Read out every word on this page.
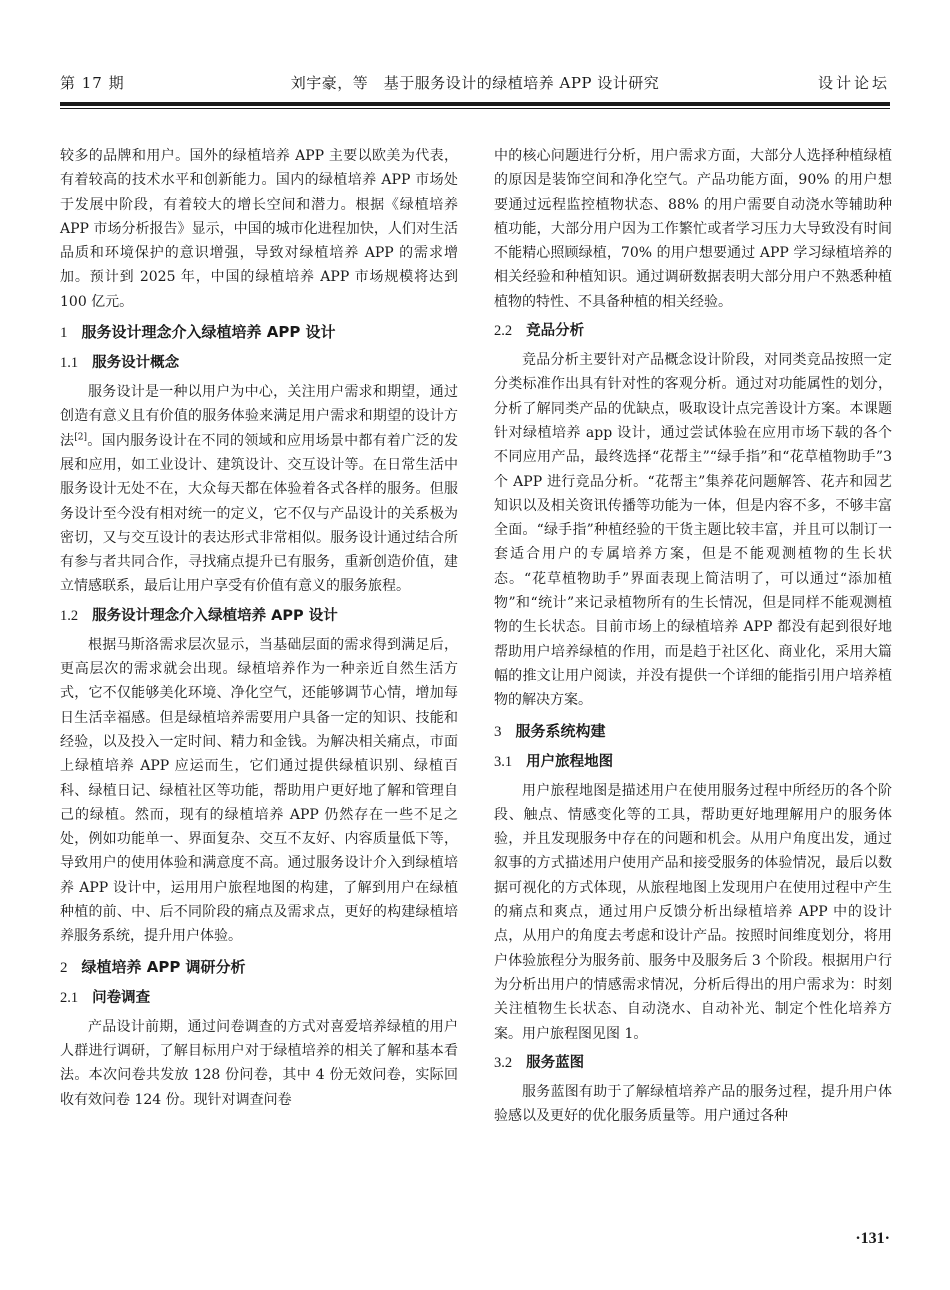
第 17 期	刘宇豪，等　基于服务设计的绿植培养 APP 设计研究	设计论坛

较多的品牌和用户。国外的绿植培养 APP 主要以欧美为代表，有着较高的技术水平和创新能力。国内的绿植培养 APP 市场处于发展中阶段，有着较大的增长空间和潜力。根据《绿植培养 APP 市场分析报告》显示，中国的城市化进程加快，人们对生活品质和环境保护的意识增强，导致对绿植培养 APP 的需求增加。预计到 2025 年，中国的绿植培养 APP 市场规模将达到 100 亿元。

1 服务设计理念介入绿植培养 APP 设计
1.1 服务设计概念

服务设计是一种以用户为中心，关注用户需求和期望，通过创造有意义且有价值的服务体验来满足用户需求和期望的设计方法[2]。国内服务设计在不同的领域和应用场景中都有着广泛的发展和应用，如工业设计、建筑设计、交互设计等。在日常生活中服务设计无处不在，大众每天都在体验着各式各样的服务。但服务设计至今没有相对统一的定义，它不仅与产品设计的关系极为密切，又与交互设计的表达形式非常相似。服务设计通过结合所有参与者共同合作，寻找痛点提升已有服务，重新创造价值，建立情感联系，最后让用户享受有价值有意义的服务旅程。

1.2 服务设计理念介入绿植培养 APP 设计

根据马斯洛需求层次显示，当基础层面的需求得到满足后，更高层次的需求就会出现。绿植培养作为一种亲近自然生活方式，它不仅能够美化环境、净化空气，还能够调节心情，增加每日生活幸福感。但是绿植培养需要用户具备一定的知识、技能和经验，以及投入一定时间、精力和金钱。为解决相关痛点，市面上绿植培养 APP 应运而生，它们通过提供绿植识别、绿植百科、绿植日记、绿植社区等功能，帮助用户更好地了解和管理自己的绿植。然而，现有的绿植培养 APP 仍然存在一些不足之处，例如功能单一、界面复杂、交互不友好、内容质量低下等，导致用户的使用体验和满意度不高。通过服务设计介入到绿植培养 APP 设计中，运用用户旅程地图的构建，了解到用户在绿植种植的前、中、后不同阶段的痛点及需求点，更好的构建绿植培养服务系统，提升用户体验。

2 绿植培养 APP 调研分析
2.1 问卷调查

产品设计前期，通过问卷调查的方式对喜爱培养绿植的用户人群进行调研，了解目标用户对于绿植培养的相关了解和基本看法。本次问卷共发放 128 份问卷，其中 4 份无效问卷，实际回收有效问卷 124 份。现针对调查问卷

中的核心问题进行分析，用户需求方面，大部分人选择种植绿植的原因是装饰空间和净化空气。产品功能方面，90% 的用户想要通过远程监控植物状态、88% 的用户需要自动浇水等辅助种植功能，大部分用户因为工作繁忙或者学习压力大导致没有时间不能精心照顾绿植，70% 的用户想要通过 APP 学习绿植培养的相关经验和种植知识。通过调研数据表明大部分用户不熟悉种植植物的特性、不具备种植的相关经验。

2.2 竞品分析

竞品分析主要针对产品概念设计阶段，对同类竞品按照一定分类标准作出具有针对性的客观分析。通过对功能属性的划分，分析了解同类产品的优缺点，吸取设计点完善设计方案。本课题针对绿植培养 app 设计，通过尝试体验在应用市场下载的各个不同应用产品，最终选择“花帮主”“绿手指”和“花草植物助手”3 个 APP 进行竞品分析。“花帮主”集养花问题解答、花卉和园艺知识以及相关资讯传播等功能为一体，但是内容不多，不够丰富全面。“绿手指”种植经验的干货主题比较丰富，并且可以制订一套适合用户的专属培养方案，但是不能观测植物的生长状态。“花草植物助手”界面表现上简洁明了，可以通过“添加植物”和“统计”来记录植物所有的生长情况，但是同样不能观测植物的生长状态。目前市场上的绿植培养 APP 都没有起到很好地帮助用户培养绿植的作用，而是趋于社区化、商业化，采用大篇幅的推文让用户阅读，并没有提供一个详细的能指引用户培养植物的解决方案。

3 服务系统构建
3.1 用户旅程地图

用户旅程地图是描述用户在使用服务过程中所经历的各个阶段、触点、情感变化等的工具，帮助更好地理解用户的服务体验，并且发现服务中存在的问题和机会。从用户角度出发，通过叙事的方式描述用户使用产品和接受服务的体验情况，最后以数据可视化的方式体现，从旅程地图上发现用户在使用过程中产生的痛点和爽点，通过用户反馈分析出绿植培养 APP 中的设计点，从用户的角度去考虑和设计产品。按照时间维度划分，将用户体验旅程分为服务前、服务中及服务后 3 个阶段。根据用户行为分析出用户的情感需求情况，分析后得出的用户需求为：时刻关注植物生长状态、自动浇水、自动补光、制定个性化培养方案。用户旅程图见图 1。

3.2 服务蓝图

服务蓝图有助于了解绿植培养产品的服务过程，提升用户体验感以及更好的优化服务质量等。用户通过各种

·131·
